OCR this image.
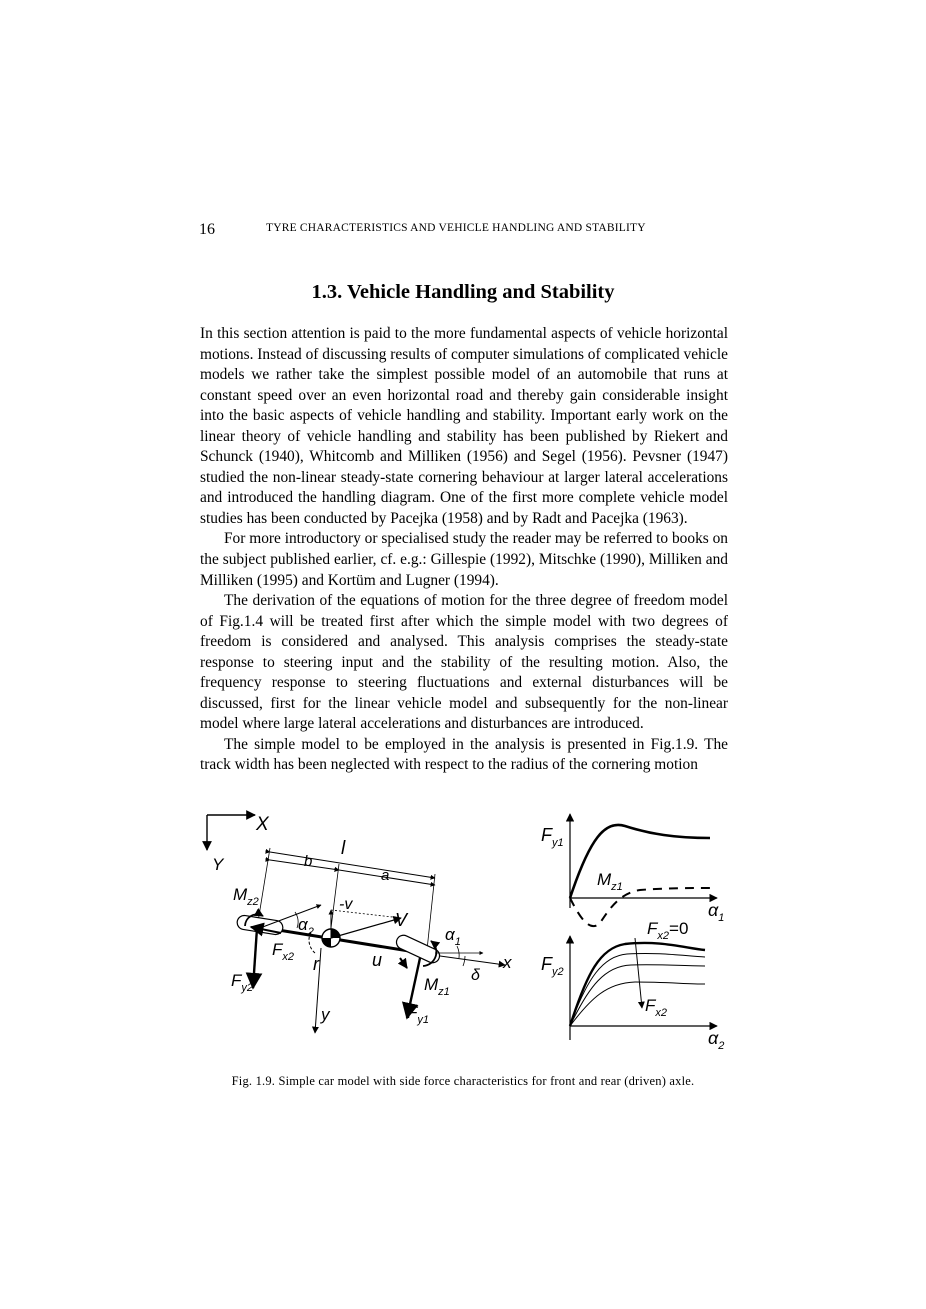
16	TYRE CHARACTERISTICS AND VEHICLE HANDLING AND STABILITY
1.3. Vehicle Handling and Stability

In this section attention is paid to the more fundamental aspects of vehicle horizontal motions. Instead of discussing results of computer simulations of complicated vehicle models we rather take the simplest possible model of an automobile that runs at constant speed over an even horizontal road and thereby gain considerable insight into the basic aspects of vehicle handling and stability. Important early work on the linear theory of vehicle handling and stability has been published by Riekert and Schunck (1940), Whitcomb and Milliken (1956) and Segel (1956). Pevsner (1947) studied the non-linear steady-state cornering behaviour at larger lateral accelerations and introduced the handling diagram. One of the first more complete vehicle model studies has been conducted by Pacejka (1958) and by Radt and Pacejka (1963).

For more introductory or specialised study the reader may be referred to books on the subject published earlier, cf. e.g.: Gillespie (1992), Mitschke (1990), Milliken and Milliken (1995) and Kortüm and Lugner (1994).

The derivation of the equations of motion for the three degree of freedom model of Fig.1.4 will be treated first after which the simple model with two degrees of freedom is considered and analysed. This analysis comprises the steady-state response to steering input and the stability of the resulting motion. Also, the frequency response to steering fluctuations and external disturbances will be discussed, first for the linear vehicle model and subsequently for the non-linear model where large lateral accelerations and disturbances are introduced.

The simple model to be employed in the analysis is presented in Fig.1.9. The track width has been neglected with respect to the radius of the cornering motion

X
Y
l
b
a
-v
V
$\alpha_2$
r	u	x
y
$\alpha_1$
δ
$F_{y2}$
$F_{x2}$
$M_{z2}$
$F_{y1}$
$M_{z1}$
$F_{y1}$
$M_{z1}$
$\alpha_1$
$F_{y2}$
$F_{x2}=0$
$F_{x2}$
$\alpha_2$
Fig. 1.9. Simple car model with side force characteristics for front and rear (driven) axle.
